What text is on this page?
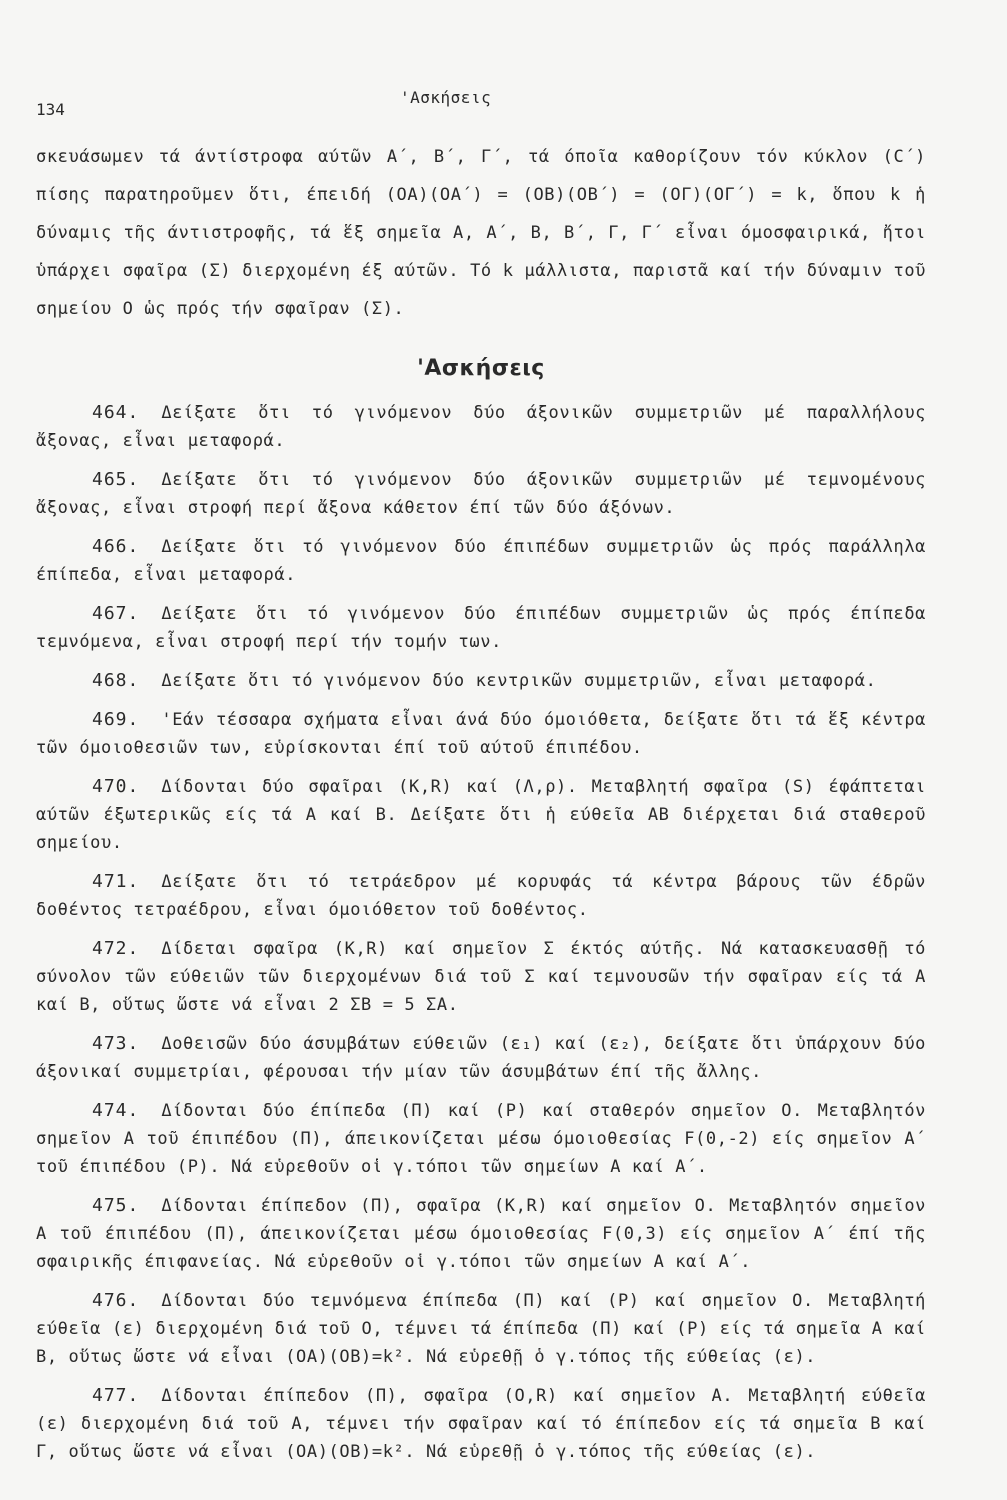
134
'Ασκήσεις

σκευάσωμεν τά άντίστροφα αύτῶν Α΄, Β΄, Γ΄, τά όποῖα καθορίζουν τόν κύκλον (C΄) πίσης παρατηροῦμεν ὅτι, έπειδή (ΟΑ)(ΟΑ΄) = (ΟΒ)(ΟΒ΄) = (ΟΓ)(ΟΓ΄) = k, ὅπου k ἡ δύναμις τῆς άντιστροφῆς, τά ἕξ σημεῖα Α, Α΄, Β, Β΄, Γ, Γ΄ εἶναι όμοσφαιρικά, ἤτοι ὑπάρχει σφαῖρα (Σ) διερχομένη έξ αύτῶν. Τό k μάλλιστα, παριστᾶ καί τήν δύναμιν τοῦ σημείου Ο ὡς πρός τήν σφαῖραν (Σ).

'Ασκήσεις
464. Δείξατε ὅτι τό γινόμενον δύο άξονικῶν συμμετριῶν μέ παραλλήλους ἄξονας, εἶναι μεταφορά.
465. Δείξατε ὅτι τό γινόμενον δύο άξονικῶν συμμετριῶν μέ τεμνομένους ἄξονας, εἶναι στροφή περί ἄξονα κάθετον έπί τῶν δύο άξόνων.
466. Δείξατε ὅτι τό γινόμενον δύο έπιπέδων συμμετριῶν ὡς πρός παράλληλα έπίπεδα, εἶναι μεταφορά.
467. Δείξατε ὅτι τό γινόμενον δύο έπιπέδων συμμετριῶν ὡς πρός έπίπεδα τεμνόμενα, εἶναι στροφή περί τήν τομήν των.
468. Δείξατε ὅτι τό γινόμενον δύο κεντρικῶν συμμετριῶν, εἶναι μεταφορά.
469. 'Εάν τέσσαρα σχήματα εἶναι άνά δύο όμοιόθετα, δείξατε ὅτι τά ἕξ κέντρα τῶν όμοιοθεσιῶν των, εὑρίσκονται έπί τοῦ αύτοῦ έπιπέδου.
470. Δίδονται δύο σφαῖραι (Κ,R) καί (Λ,ρ). Μεταβλητή σφαῖρα (S) έφάπτεται αύτῶν έξωτερικῶς είς τά Α καί Β. Δείξατε ὅτι ἡ εύθεῖα ΑΒ διέρχεται διά σταθεροῦ σημείου.
471. Δείξατε ὅτι τό τετράεδρον μέ κορυφάς τά κέντρα βάρους τῶν έδρῶν δοθέντος τετραέδρου, εἶναι όμοιόθετον τοῦ δοθέντος.
472. Δίδεται σφαῖρα (Κ,R) καί σημεῖον Σ έκτός αύτῆς. Νά κατασκευασθῇ τό σύνολον τῶν εύθειῶν τῶν διερχομένων διά τοῦ Σ καί τεμνουσῶν τήν σφαῖραν είς τά Α καί Β, οὕτως ὥστε νά εἶναι 2 ΣΒ = 5 ΣΑ.
473. Δοθεισῶν δύο άσυμβάτων εύθειῶν (ε₁) καί (ε₂), δείξατε ὅτι ὑπάρχουν δύο άξονικαί συμμετρίαι, φέρουσαι τήν μίαν τῶν άσυμβάτων έπί τῆς ἄλλης.
474. Δίδονται δύο έπίπεδα (Π) καί (Ρ) καί σταθερόν σημεῖον Ο. Μεταβλητόν σημεῖον Α τοῦ έπιπέδου (Π), άπεικονίζεται μέσω όμοιοθεσίας F(0,-2) είς σημεῖον Α΄ τοῦ έπιπέδου (Ρ). Νά εὑρεθοῦν οἱ γ.τόποι τῶν σημείων Α καί Α΄.
475. Δίδονται έπίπεδον (Π), σφαῖρα (Κ,R) καί σημεῖον Ο. Μεταβλητόν σημεῖον Α τοῦ έπιπέδου (Π), άπεικονίζεται μέσω όμοιοθεσίας F(0,3) είς σημεῖον Α΄ έπί τῆς σφαιρικῆς έπιφανείας. Νά εὑρεθοῦν οἱ γ.τόποι τῶν σημείων Α καί Α΄.
476. Δίδονται δύο τεμνόμενα έπίπεδα (Π) καί (Ρ) καί σημεῖον Ο. Μεταβλητή εύθεῖα (ε) διερχομένη διά τοῦ Ο, τέμνει τά έπίπεδα (Π) καί (Ρ) είς τά σημεῖα Α καί Β, οὕτως ὥστε νά εἶναι (ΟΑ)(ΟΒ)=k². Νά εὑρεθῇ ὁ γ.τόπος τῆς εύθείας (ε).
477. Δίδονται έπίπεδον (Π), σφαῖρα (Ο,R) καί σημεῖον Α. Μεταβλητή εύθεῖα (ε) διερχομένη διά τοῦ Α, τέμνει τήν σφαῖραν καί τό έπίπεδον είς τά σημεῖα Β καί Γ, οὕτως ὥστε νά εἶναι (ΟΑ)(ΟΒ)=k². Νά εὑρεθῇ ὁ γ.τόπος τῆς εύθείας (ε).
